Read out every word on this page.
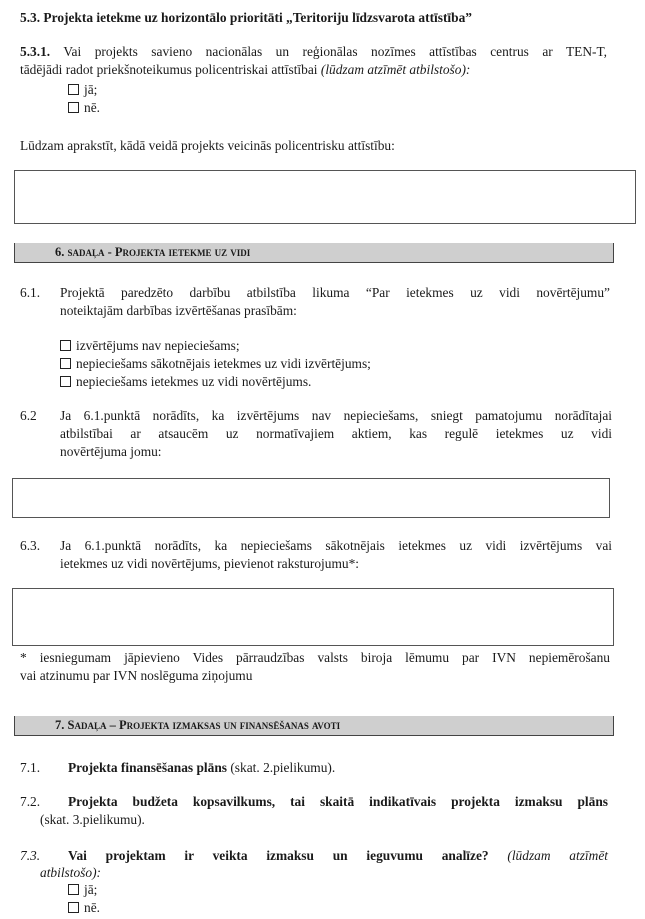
5.3. Projekta ietekme uz horizontālo prioritāti „Teritoriju līdzsvarota attīstība”
5.3.1. Vai projekts savieno nacionālas un reģionālas nozīmes attīstības centrus ar TEN-T,
tādējādi radot priekšnoteikumus policentriskai attīstībai (lūdzam atzīmēt atbilstošo):
jā;
nē.
Lūdzam aprakstīt, kādā veidā projekts veicinās policentrisku attīstību:
6. sadaļa - Projekta ietekme uz vidi
6.1. Projektā paredzēto darbību atbilstība likuma “Par ietekmes uz vidi novērtējumu”
noteiktajām darbības izvērtēšanas prasībām:
izvērtējums nav nepieciešams;
nepieciešams sākotnējais ietekmes uz vidi izvērtējums;
nepieciešams ietekmes uz vidi novērtējums.
6.2 Ja 6.1.punktā norādīts, ka izvērtējums nav nepieciešams, sniegt pamatojumu norādītajai
atbilstībai ar atsaucēm uz normatīvajiem aktiem, kas regulē ietekmes uz vidi
novērtējuma jomu:
6.3. Ja 6.1.punktā norādīts, ka nepieciešams sākotnējais ietekmes uz vidi izvērtējums vai
ietekmes uz vidi novērtējums, pievienot raksturojumu*:
* iesniegumam jāpievieno Vides pārraudzības valsts biroja lēmumu par IVN nepiemērošanu
vai atzinumu par IVN noslēguma ziņojumu
7. Sadaļa – Projekta izmaksas un finansēšanas avoti
7.1. Projekta finansēšanas plāns (skat. 2.pielikumu).
7.2. Projekta budžeta kopsavilkums, tai skaitā indikatīvais projekta izmaksu plāns
(skat. 3.pielikumu).
7.3. Vai projektam ir veikta izmaksu un ieguvumu analīze? (lūdzam atzīmēt
atbilstošo):
jā;
nē.
